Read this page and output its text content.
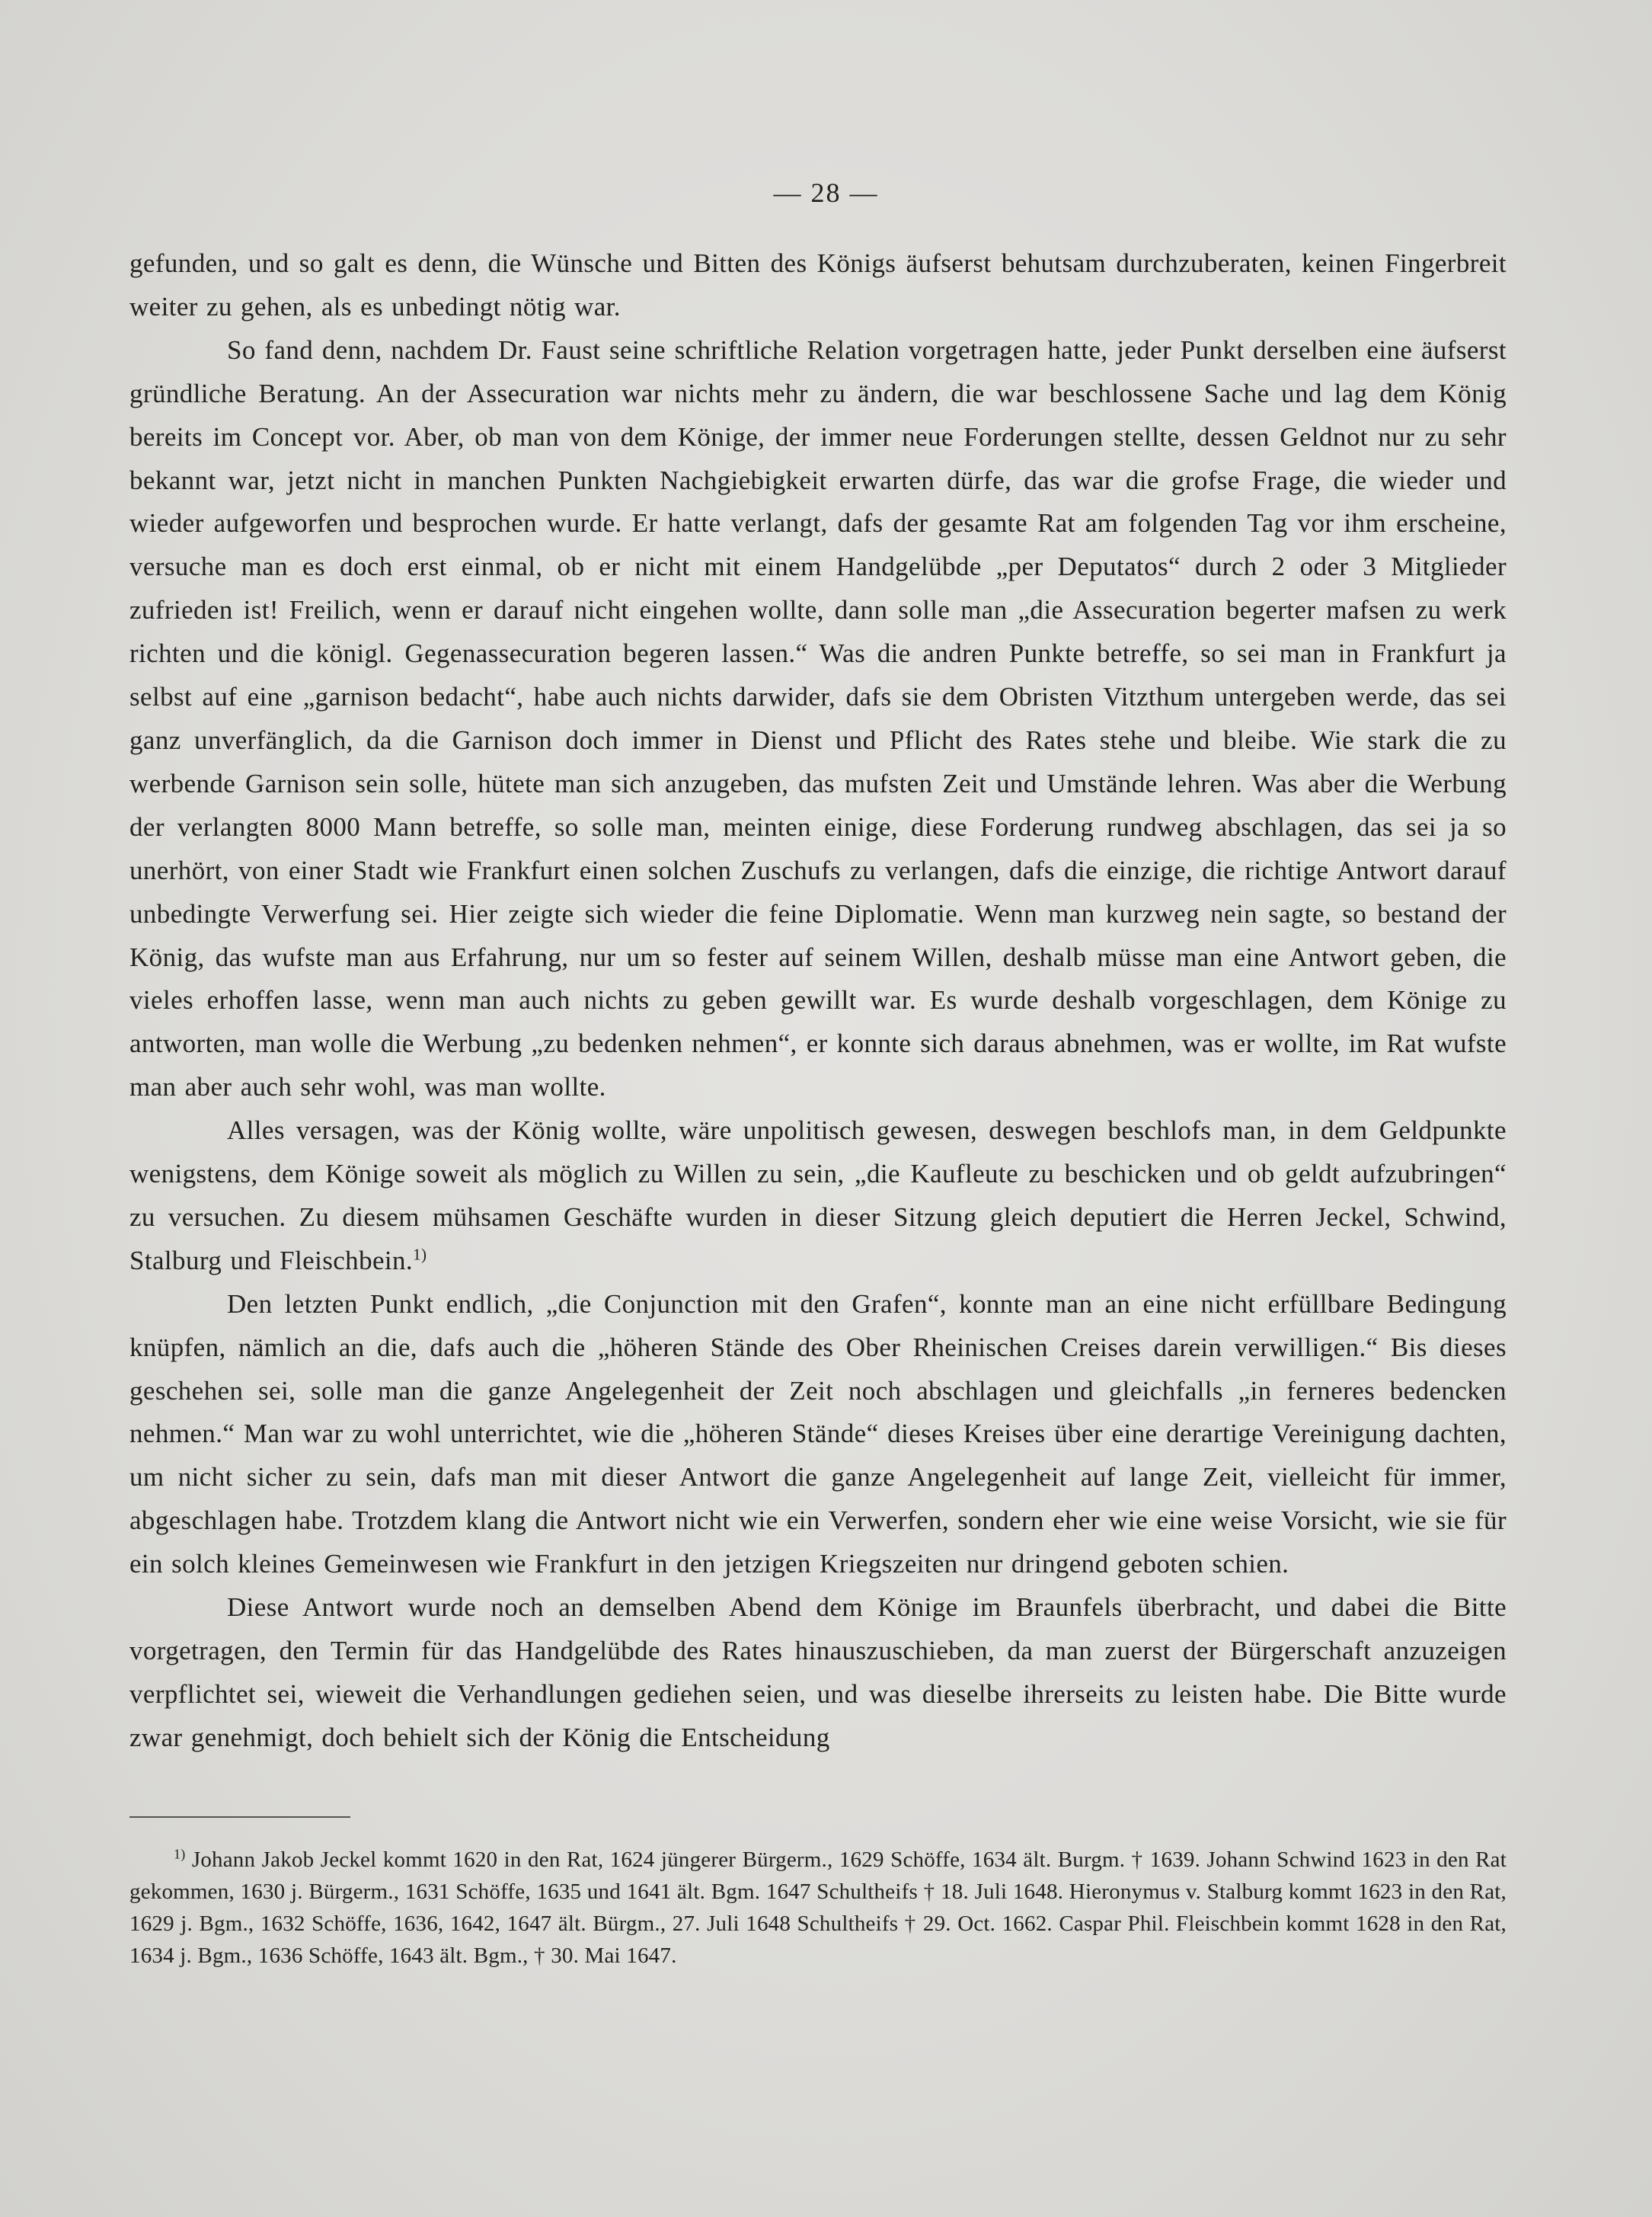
— 28 —

gefunden, und so galt es denn, die Wünsche und Bitten des Königs äufserst behutsam durchzuberaten, keinen Fingerbreit weiter zu gehen, als es unbedingt nötig war.

So fand denn, nachdem Dr. Faust seine schriftliche Relation vorgetragen hatte, jeder Punkt derselben eine äufserst gründliche Beratung. An der Assecuration war nichts mehr zu ändern, die war beschlossene Sache und lag dem König bereits im Concept vor. Aber, ob man von dem Könige, der immer neue Forderungen stellte, dessen Geldnot nur zu sehr bekannt war, jetzt nicht in manchen Punkten Nachgiebigkeit erwarten dürfe, das war die grofse Frage, die wieder und wieder aufgeworfen und besprochen wurde. Er hatte verlangt, dafs der gesamte Rat am folgenden Tag vor ihm erscheine, versuche man es doch erst einmal, ob er nicht mit einem Handgelübde „per Deputatos“ durch 2 oder 3 Mitglieder zufrieden ist! Freilich, wenn er darauf nicht eingehen wollte, dann solle man „die Assecuration begerter mafsen zu werk richten und die königl. Gegenassecuration begeren lassen.“ Was die andren Punkte betreffe, so sei man in Frankfurt ja selbst auf eine „garnison bedacht“, habe auch nichts darwider, dafs sie dem Obristen Vitzthum untergeben werde, das sei ganz unverfänglich, da die Garnison doch immer in Dienst und Pflicht des Rates stehe und bleibe. Wie stark die zu werbende Garnison sein solle, hütete man sich anzugeben, das mufsten Zeit und Umstände lehren. Was aber die Werbung der verlangten 8000 Mann betreffe, so solle man, meinten einige, diese Forderung rundweg abschlagen, das sei ja so unerhört, von einer Stadt wie Frankfurt einen solchen Zuschufs zu verlangen, dafs die einzige, die richtige Antwort darauf unbedingte Verwerfung sei. Hier zeigte sich wieder die feine Diplomatie. Wenn man kurzweg nein sagte, so bestand der König, das wufste man aus Erfahrung, nur um so fester auf seinem Willen, deshalb müsse man eine Antwort geben, die vieles erhoffen lasse, wenn man auch nichts zu geben gewillt war. Es wurde deshalb vorgeschlagen, dem Könige zu antworten, man wolle die Werbung „zu bedenken nehmen“, er konnte sich daraus abnehmen, was er wollte, im Rat wufste man aber auch sehr wohl, was man wollte.

Alles versagen, was der König wollte, wäre unpolitisch gewesen, deswegen beschlofs man, in dem Geldpunkte wenigstens, dem Könige soweit als möglich zu Willen zu sein, „die Kaufleute zu beschicken und ob geldt aufzubringen“ zu versuchen. Zu diesem mühsamen Geschäfte wurden in dieser Sitzung gleich deputiert die Herren Jeckel, Schwind, Stalburg und Fleischbein.$^{1)}$

Den letzten Punkt endlich, „die Conjunction mit den Grafen“, konnte man an eine nicht erfüllbare Bedingung knüpfen, nämlich an die, dafs auch die „höheren Stände des Ober Rheinischen Creises darein verwilligen.“ Bis dieses geschehen sei, solle man die ganze Angelegenheit der Zeit noch abschlagen und gleichfalls „in ferneres bedencken nehmen.“ Man war zu wohl unterrichtet, wie die „höheren Stände“ dieses Kreises über eine derartige Vereinigung dachten, um nicht sicher zu sein, dafs man mit dieser Antwort die ganze Angelegenheit auf lange Zeit, vielleicht für immer, abgeschlagen habe. Trotzdem klang die Antwort nicht wie ein Verwerfen, sondern eher wie eine weise Vorsicht, wie sie für ein solch kleines Gemeinwesen wie Frankfurt in den jetzigen Kriegszeiten nur dringend geboten schien.

Diese Antwort wurde noch an demselben Abend dem Könige im Braunfels überbracht, und dabei die Bitte vorgetragen, den Termin für das Handgelübde des Rates hinauszuschieben, da man zuerst der Bürgerschaft anzuzeigen verpflichtet sei, wieweit die Verhandlungen gediehen seien, und was dieselbe ihrerseits zu leisten habe. Die Bitte wurde zwar genehmigt, doch behielt sich der König die Entscheidung

$^{1)}$ Johann Jakob Jeckel kommt 1620 in den Rat, 1624 jüngerer Bürgerm., 1629 Schöffe, 1634 ält. Burgm. † 1639. Johann Schwind 1623 in den Rat gekommen, 1630 j. Bürgerm., 1631 Schöffe, 1635 und 1641 ält. Bgm. 1647 Schultheifs † 18. Juli 1648. Hieronymus v. Stalburg kommt 1623 in den Rat, 1629 j. Bgm., 1632 Schöffe, 1636, 1642, 1647 ält. Bürgm., 27. Juli 1648 Schultheifs † 29. Oct. 1662. Caspar Phil. Fleischbein kommt 1628 in den Rat, 1634 j. Bgm., 1636 Schöffe, 1643 ält. Bgm., † 30. Mai 1647.
